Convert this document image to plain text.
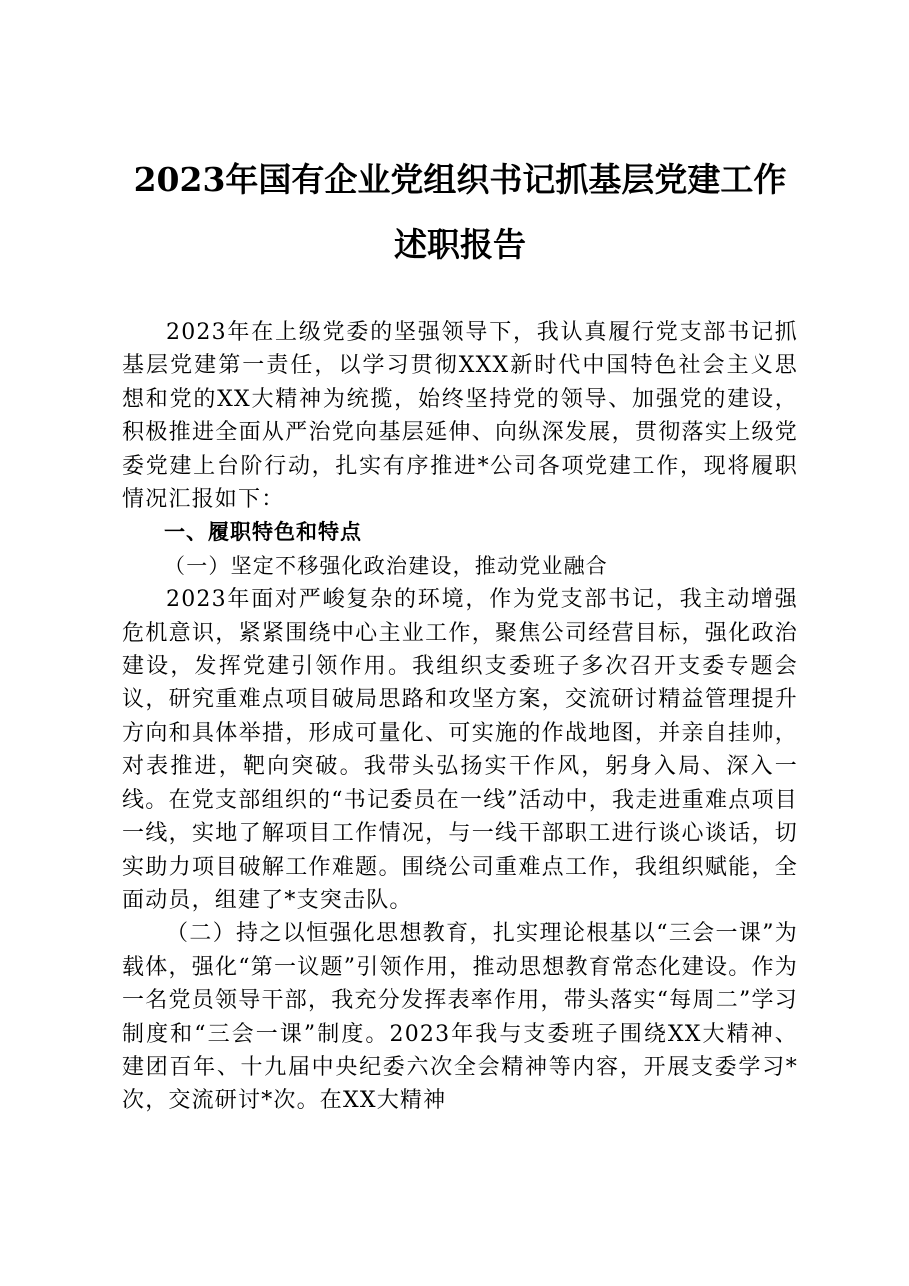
2023年国有企业党组织书记抓基层党建工作
述职报告

2023年在上级党委的坚强领导下，我认真履行党支部书记抓基层党建第一责任，以学习贯彻XXX新时代中国特色社会主义思想和党的XX大精神为统揽，始终坚持党的领导、加强党的建设，积极推进全面从严治党向基层延伸、向纵深发展，贯彻落实上级党委党建上台阶行动，扎实有序推进*公司各项党建工作，现将履职情况汇报如下：

一、履职特色和特点

（一）坚定不移强化政治建设，推动党业融合

2023年面对严峻复杂的环境，作为党支部书记，我主动增强危机意识，紧紧围绕中心主业工作，聚焦公司经营目标，强化政治建设，发挥党建引领作用。我组织支委班子多次召开支委专题会议，研究重难点项目破局思路和攻坚方案，交流研讨精益管理提升方向和具体举措，形成可量化、可实施的作战地图，并亲自挂帅，对表推进，靶向突破。我带头弘扬实干作风，躬身入局、深入一线。在党支部组织的“书记委员在一线”活动中，我走进重难点项目一线，实地了解项目工作情况，与一线干部职工进行谈心谈话，切实助力项目破解工作难题。围绕公司重难点工作，我组织赋能，全面动员，组建了*支突击队。

（二）持之以恒强化思想教育，扎实理论根基以“三会一课”为载体，强化“第一议题”引领作用，推动思想教育常态化建设。作为一名党员领导干部，我充分发挥表率作用，带头落实“每周二”学习制度和“三会一课”制度。2023年我与支委班子围绕XX大精神、建团百年、十九届中央纪委六次全会精神等内容，开展支委学习*次，交流研讨*次。在XX大精神
